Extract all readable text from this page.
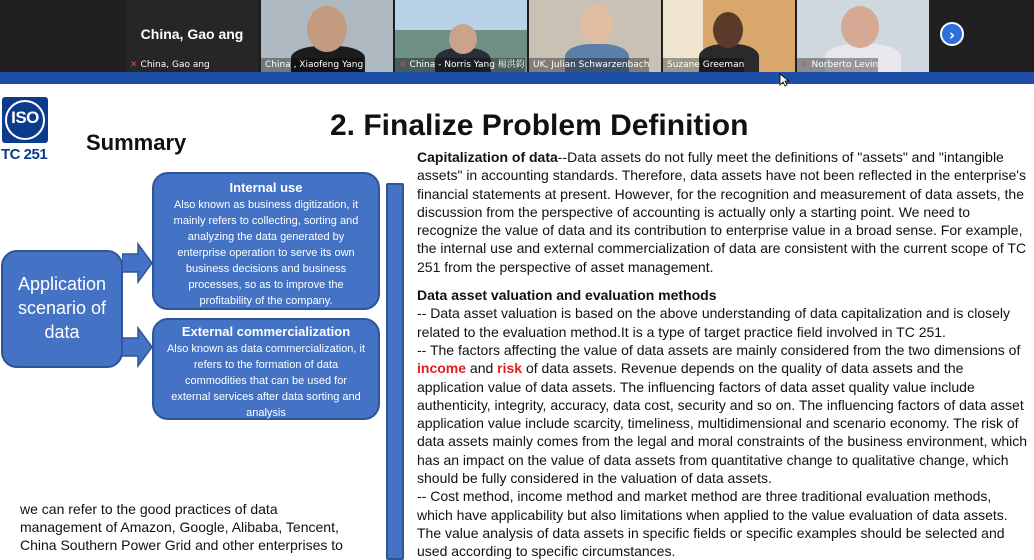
China, Gao ang
✕ China, Gao ang	China , Xiaofeng Yang	✕ China - Norris Yang 楊洪鈞 UK, Julian Schwarzenbach	Suzane Greeman	✕ Norberto Levin
›
ISO
TC 251 Summary
2. Finalize Problem Definition
Application scenario of data
Internal use
Also known as business digitization, it mainly refers to collecting, sorting and analyzing the data generated by enterprise operation to serve its own business decisions and business processes, so as to improve the profitability of the company.
External commercialization
Also known as data commercialization, it refers to the formation of data commodities that can be used for external services after data sorting and analysis
we can refer to the good practices of data management of Amazon, Google, Alibaba, Tencent, China Southern Power Grid and other enterprises to

Capitalization of data--Data assets do not fully meet the definitions of "assets" and "intangible assets" in accounting standards. Therefore, data assets have not been reflected in the enterprise's financial statements at present. However, for the recognition and measurement of data assets, the discussion from the perspective of accounting is actually only a starting point. We need to recognize the value of data and its contribution to enterprise value in a broad sense. For example, the internal use and external commercialization of data are consistent with the current scope of TC 251 from the perspective of asset management.

Data asset valuation and evaluation methods

-- Data asset valuation is based on the above understanding of data capitalization and is closely related to the evaluation method.It is a type of target practice field involved in TC 251.

-- The factors affecting the value of data assets are mainly considered from the two dimensions of income and risk of data assets. Revenue depends on the quality of data assets and the application value of data assets. The influencing factors of data asset quality value include authenticity, integrity, accuracy, data cost, security and so on. The influencing factors of data asset application value include scarcity, timeliness, multidimensional and scenario economy. The risk of data assets mainly comes from the legal and moral constraints of the business environment, which has an impact on the value of data assets from quantitative change to qualitative change, which should be fully considered in the valuation of data assets.

-- Cost method, income method and market method are three traditional evaluation methods, which have applicability but also limitations when applied to the value evaluation of data assets. The value analysis of data assets in specific fields or specific examples should be selected and used according to specific circumstances.
